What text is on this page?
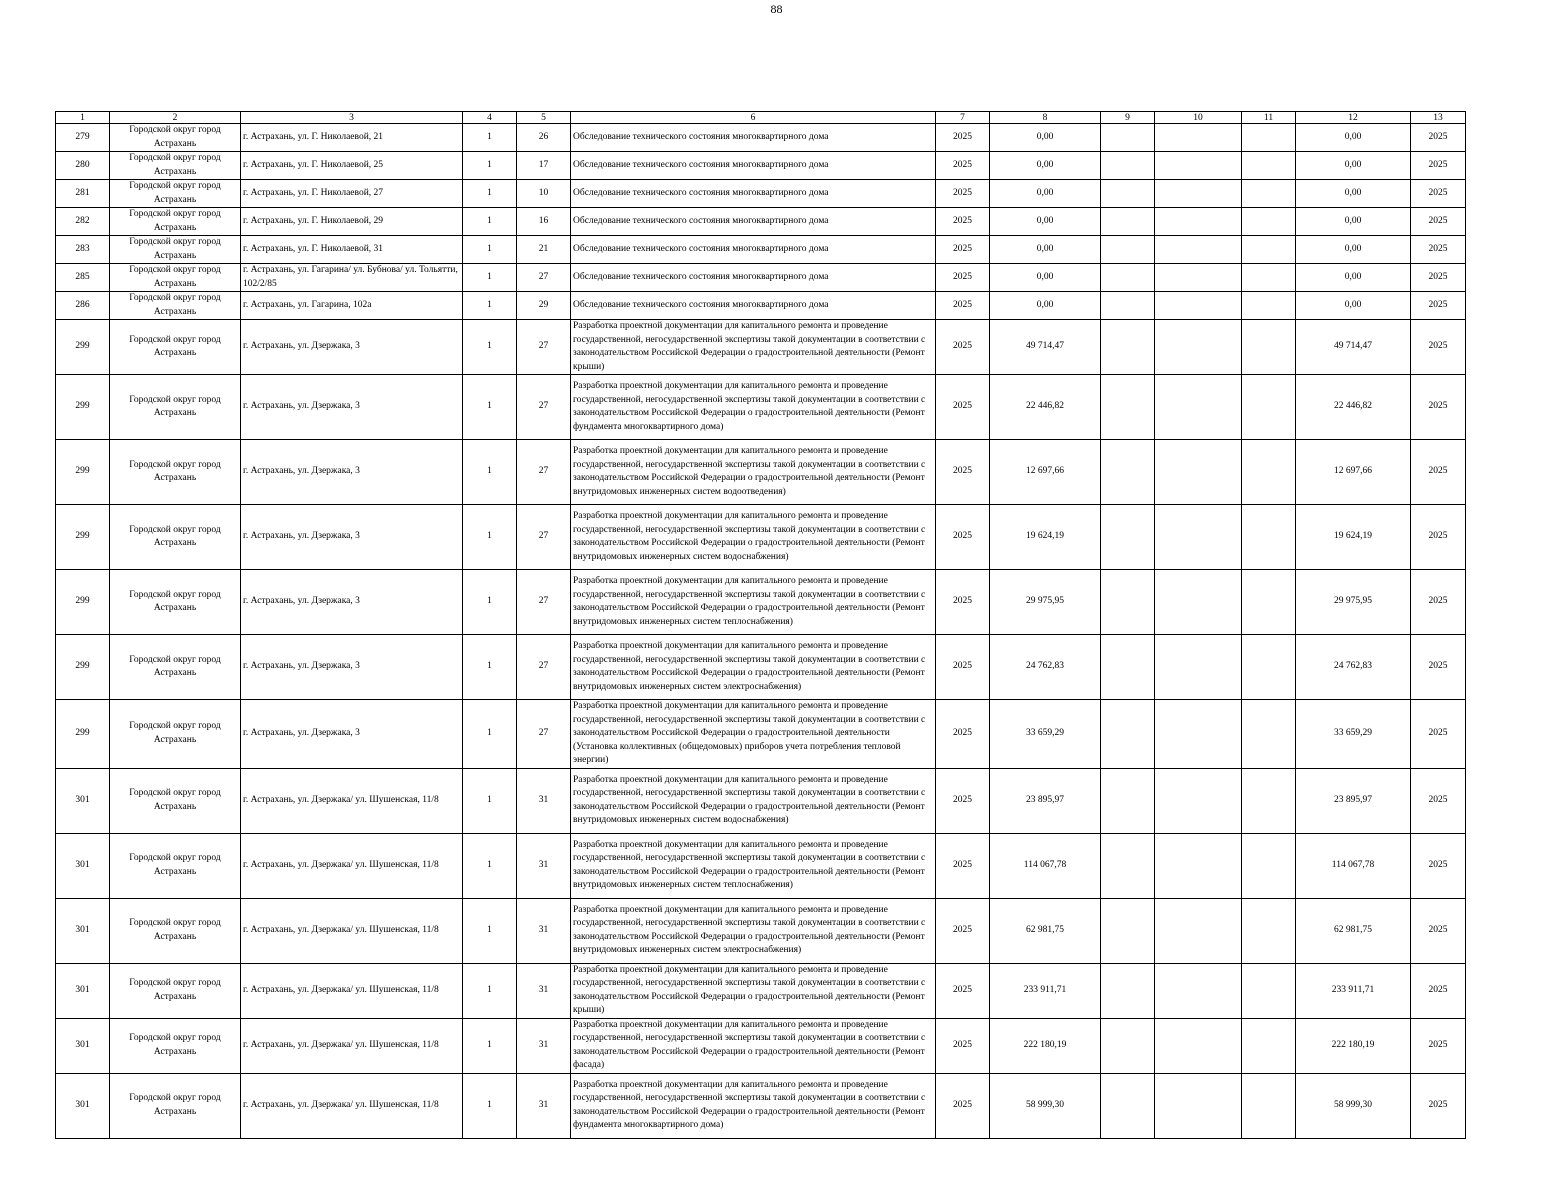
88
1	2	3	4	5	6	7	8	9	10	11	12	13
279	Городской округ город Астрахань	г. Астрахань, ул. Г. Николаевой, 21	1	26	Обследование технического состояния многоквартирного дома	2025	0,00				0,00	2025
280	Городской округ город Астрахань	г. Астрахань, ул. Г. Николаевой, 25	1	17	Обследование технического состояния многоквартирного дома	2025	0,00				0,00	2025
281	Городской округ город Астрахань	г. Астрахань, ул. Г. Николаевой, 27	1	10	Обследование технического состояния многоквартирного дома	2025	0,00				0,00	2025
282	Городской округ город Астрахань	г. Астрахань, ул. Г. Николаевой, 29	1	16	Обследование технического состояния многоквартирного дома	2025	0,00				0,00	2025
283	Городской округ город Астрахань	г. Астрахань, ул. Г. Николаевой, 31	1	21	Обследование технического состояния многоквартирного дома	2025	0,00				0,00	2025
285	Городской округ город Астрахань	г. Астрахань, ул. Гагарина/ ул. Бубнова/ ул. Тольятти, 102/2/85	1	27	Обследование технического состояния многоквартирного дома	2025	0,00				0,00	2025
286	Городской округ город Астрахань	г. Астрахань, ул. Гагарина, 102а	1	29	Обследование технического состояния многоквартирного дома	2025	0,00				0,00	2025
299	Городской округ город Астрахань	г. Астрахань, ул. Дзержака, 3	1	27	Разработка проектной документации для капитального ремонта и проведение государственной, негосударственной экспертизы такой документации в соответствии с законодательством Российской Федерации о градостроительной деятельности (Ремонт крыши)	2025	49 714,47				49 714,47	2025
299	Городской округ город Астрахань	г. Астрахань, ул. Дзержака, 3	1	27	Разработка проектной документации для капитального ремонта и проведение государственной, негосударственной экспертизы такой документации в соответствии с законодательством Российской Федерации о градостроительной деятельности (Ремонт фундамента многоквартирного дома)	2025	22 446,82				22 446,82	2025
299	Городской округ город Астрахань	г. Астрахань, ул. Дзержака, 3	1	27	Разработка проектной документации для капитального ремонта и проведение государственной, негосударственной экспертизы такой документации в соответствии с законодательством Российской Федерации о градостроительной деятельности (Ремонт внутридомовых инженерных систем водоотведения)	2025	12 697,66				12 697,66	2025
299	Городской округ город Астрахань	г. Астрахань, ул. Дзержака, 3	1	27	Разработка проектной документации для капитального ремонта и проведение государственной, негосударственной экспертизы такой документации в соответствии с законодательством Российской Федерации о градостроительной деятельности (Ремонт внутридомовых инженерных систем водоснабжения)	2025	19 624,19				19 624,19	2025
299	Городской округ город Астрахань	г. Астрахань, ул. Дзержака, 3	1	27	Разработка проектной документации для капитального ремонта и проведение государственной, негосударственной экспертизы такой документации в соответствии с законодательством Российской Федерации о градостроительной деятельности (Ремонт внутридомовых инженерных систем теплоснабжения)	2025	29 975,95				29 975,95	2025
299	Городской округ город Астрахань	г. Астрахань, ул. Дзержака, 3	1	27	Разработка проектной документации для капитального ремонта и проведение государственной, негосударственной экспертизы такой документации в соответствии с законодательством Российской Федерации о градостроительной деятельности (Ремонт внутридомовых инженерных систем электроснабжения)	2025	24 762,83				24 762,83	2025
299	Городской округ город Астрахань	г. Астрахань, ул. Дзержака, 3	1	27	Разработка проектной документации для капитального ремонта и проведение государственной, негосударственной экспертизы такой документации в соответствии с законодательством Российской Федерации о градостроительной деятельности (Установка коллективных (общедомовых) приборов учета потребления тепловой энергии)	2025	33 659,29				33 659,29	2025
301	Городской округ город Астрахань	г. Астрахань, ул. Дзержака/ ул. Шушенская, 11/8	1	31	Разработка проектной документации для капитального ремонта и проведение государственной, негосударственной экспертизы такой документации в соответствии с законодательством Российской Федерации о градостроительной деятельности (Ремонт внутридомовых инженерных систем водоснабжения)	2025	23 895,97				23 895,97	2025
301	Городской округ город Астрахань	г. Астрахань, ул. Дзержака/ ул. Шушенская, 11/8	1	31	Разработка проектной документации для капитального ремонта и проведение государственной, негосударственной экспертизы такой документации в соответствии с законодательством Российской Федерации о градостроительной деятельности (Ремонт внутридомовых инженерных систем теплоснабжения)	2025	114 067,78				114 067,78	2025
301	Городской округ город Астрахань	г. Астрахань, ул. Дзержака/ ул. Шушенская, 11/8	1	31	Разработка проектной документации для капитального ремонта и проведение государственной, негосударственной экспертизы такой документации в соответствии с законодательством Российской Федерации о градостроительной деятельности (Ремонт внутридомовых инженерных систем электроснабжения)	2025	62 981,75				62 981,75	2025
301	Городской округ город Астрахань	г. Астрахань, ул. Дзержака/ ул. Шушенская, 11/8	1	31	Разработка проектной документации для капитального ремонта и проведение государственной, негосударственной экспертизы такой документации в соответствии с законодательством Российской Федерации о градостроительной деятельности (Ремонт крыши)	2025	233 911,71				233 911,71	2025
301	Городской округ город Астрахань	г. Астрахань, ул. Дзержака/ ул. Шушенская, 11/8	1	31	Разработка проектной документации для капитального ремонта и проведение государственной, негосударственной экспертизы такой документации в соответствии с законодательством Российской Федерации о градостроительной деятельности (Ремонт фасада)	2025	222 180,19				222 180,19	2025
301	Городской округ город Астрахань	г. Астрахань, ул. Дзержака/ ул. Шушенская, 11/8	1	31	Разработка проектной документации для капитального ремонта и проведение государственной, негосударственной экспертизы такой документации в соответствии с законодательством Российской Федерации о градостроительной деятельности (Ремонт фундамента многоквартирного дома)	2025	58 999,30				58 999,30	2025
